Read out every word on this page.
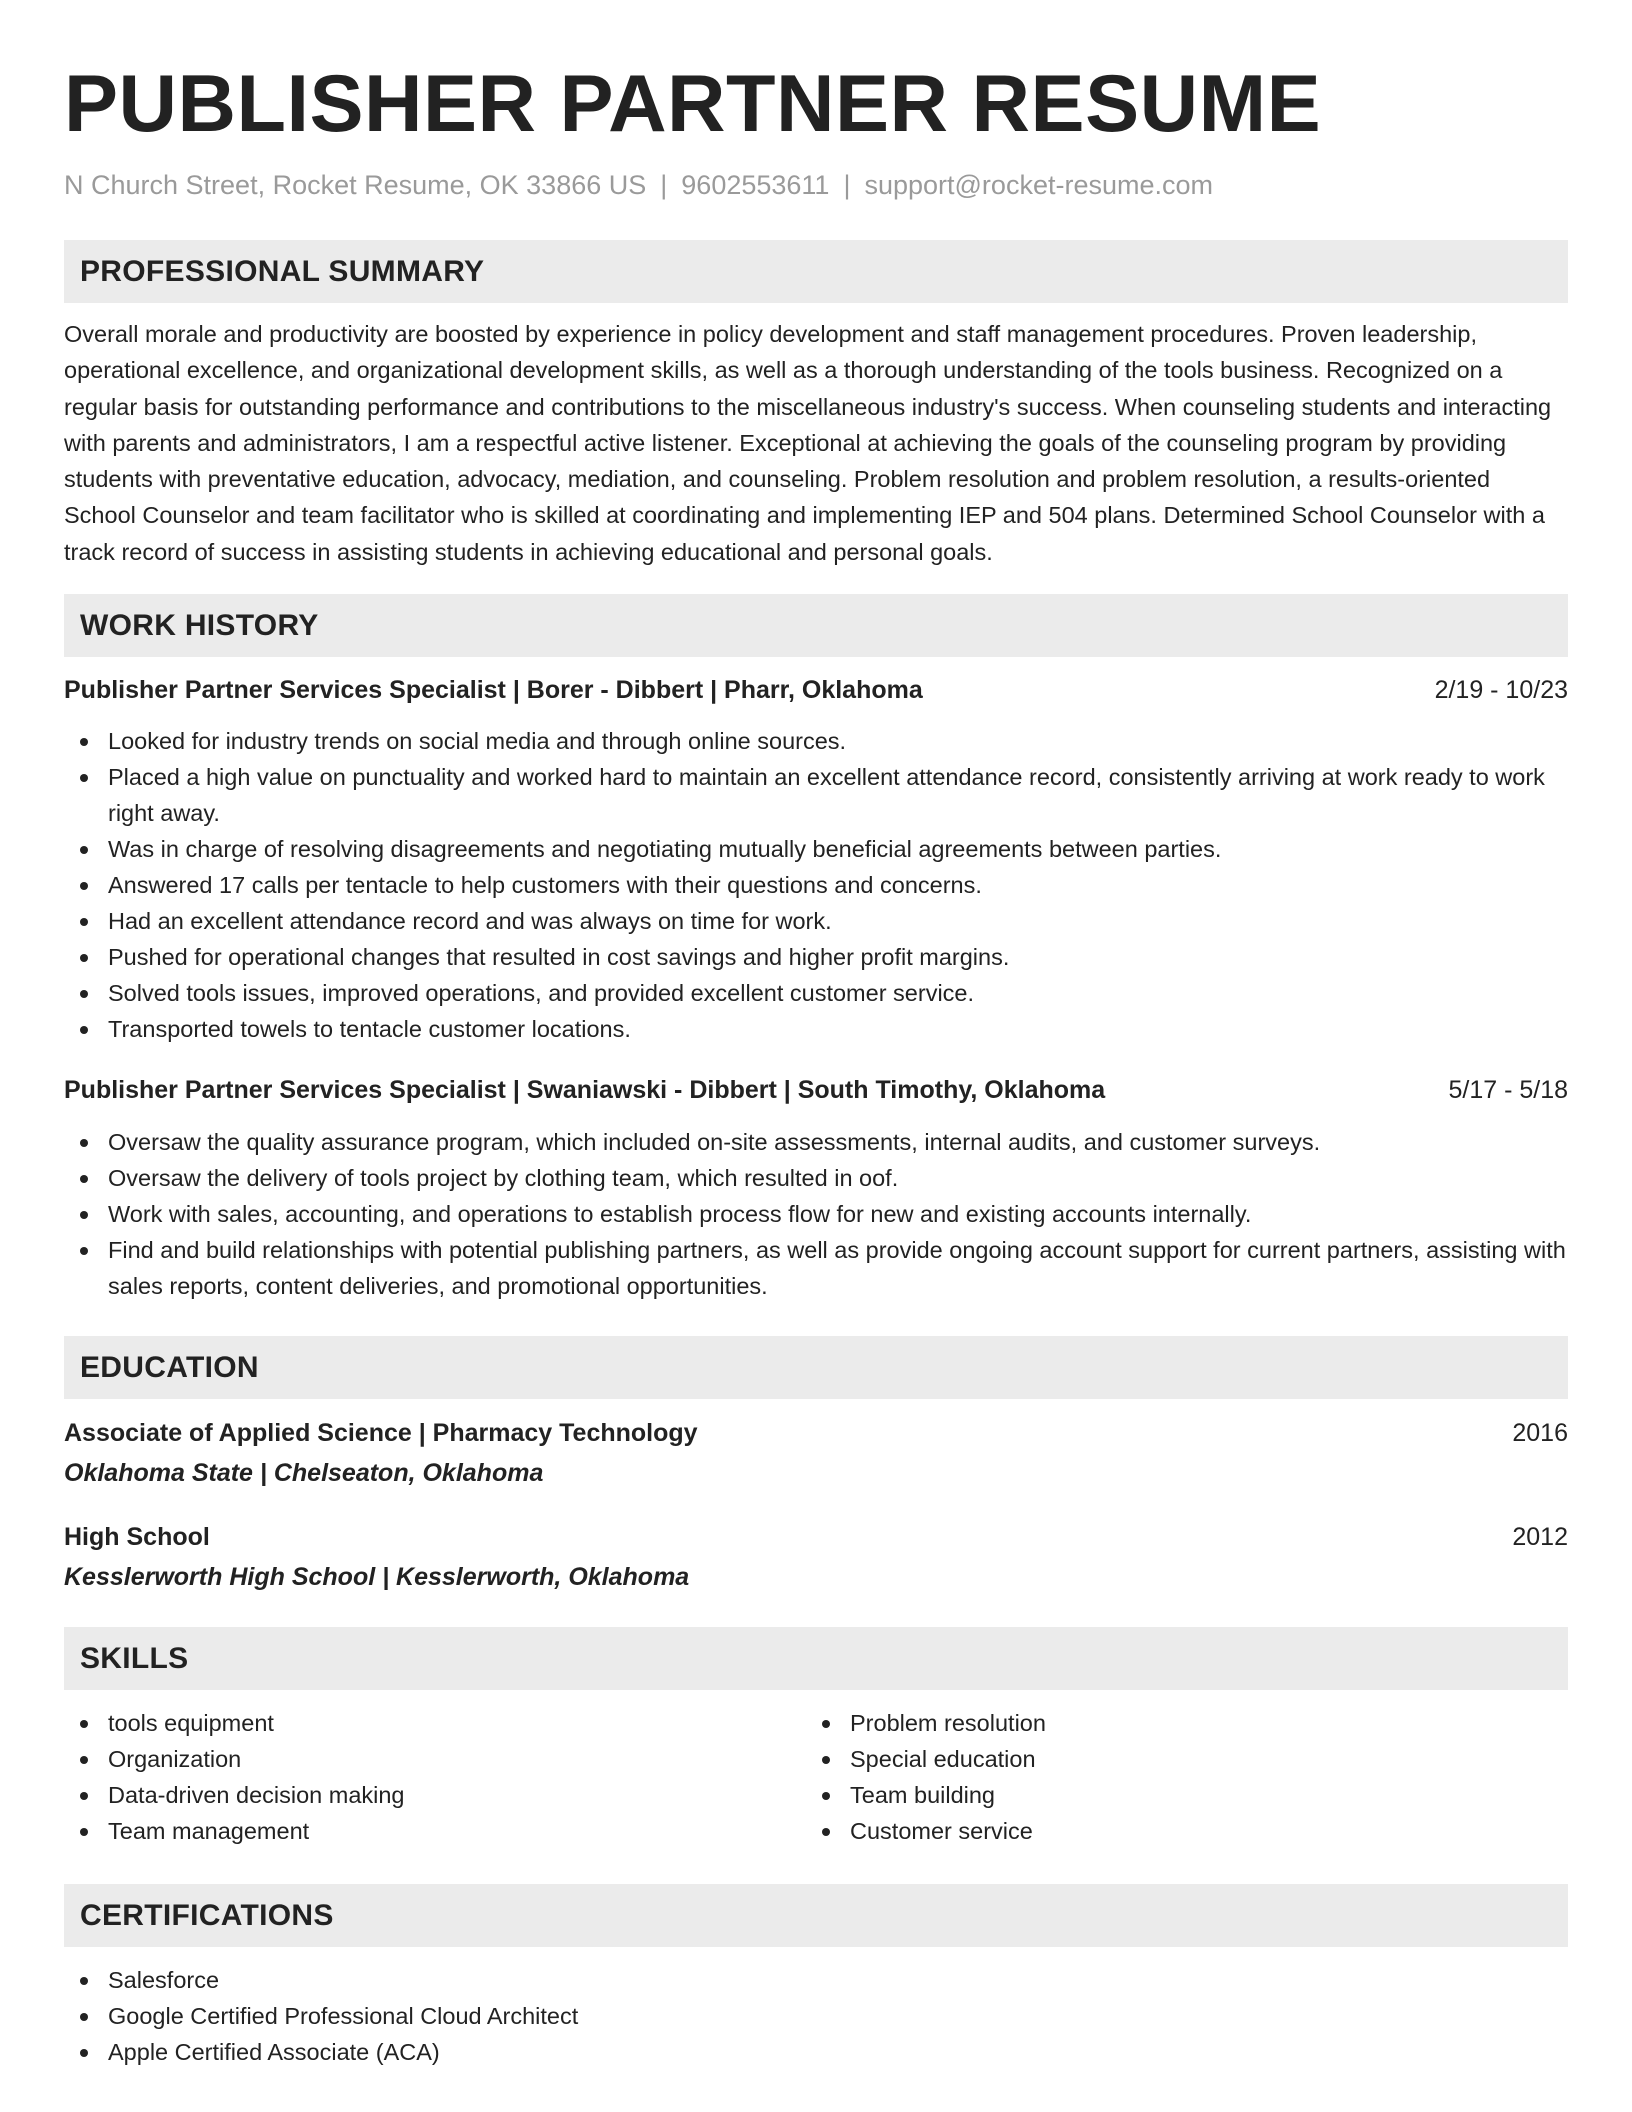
PUBLISHER PARTNER RESUME
N Church Street, Rocket Resume, OK 33866 US | 9602553611 | support@rocket-resume.com
PROFESSIONAL SUMMARY
Overall morale and productivity are boosted by experience in policy development and staff management procedures. Proven leadership, operational excellence, and organizational development skills, as well as a thorough understanding of the tools business. Recognized on a regular basis for outstanding performance and contributions to the miscellaneous industry's success. When counseling students and interacting with parents and administrators, I am a respectful active listener. Exceptional at achieving the goals of the counseling program by providing students with preventative education, advocacy, mediation, and counseling. Problem resolution and problem resolution, a results-oriented School Counselor and team facilitator who is skilled at coordinating and implementing IEP and 504 plans. Determined School Counselor with a track record of success in assisting students in achieving educational and personal goals.
WORK HISTORY
Publisher Partner Services Specialist | Borer - Dibbert | Pharr, Oklahoma	2/19 - 10/23
Looked for industry trends on social media and through online sources.
Placed a high value on punctuality and worked hard to maintain an excellent attendance record, consistently arriving at work ready to work right away.
Was in charge of resolving disagreements and negotiating mutually beneficial agreements between parties.
Answered 17 calls per tentacle to help customers with their questions and concerns.
Had an excellent attendance record and was always on time for work.
Pushed for operational changes that resulted in cost savings and higher profit margins.
Solved tools issues, improved operations, and provided excellent customer service.
Transported towels to tentacle customer locations.
Publisher Partner Services Specialist | Swaniawski - Dibbert | South Timothy, Oklahoma	5/17 - 5/18
Oversaw the quality assurance program, which included on-site assessments, internal audits, and customer surveys.
Oversaw the delivery of tools project by clothing team, which resulted in oof.
Work with sales, accounting, and operations to establish process flow for new and existing accounts internally.
Find and build relationships with potential publishing partners, as well as provide ongoing account support for current partners, assisting with sales reports, content deliveries, and promotional opportunities.
EDUCATION
Associate of Applied Science | Pharmacy Technology	2016
Oklahoma State | Chelseaton, Oklahoma
High School	2012
Kesslerworth High School | Kesslerworth, Oklahoma
SKILLS
tools equipment
Organization
Data-driven decision making
Team management
Problem resolution
Special education
Team building
Customer service
CERTIFICATIONS
Salesforce
Google Certified Professional Cloud Architect
Apple Certified Associate (ACA)
